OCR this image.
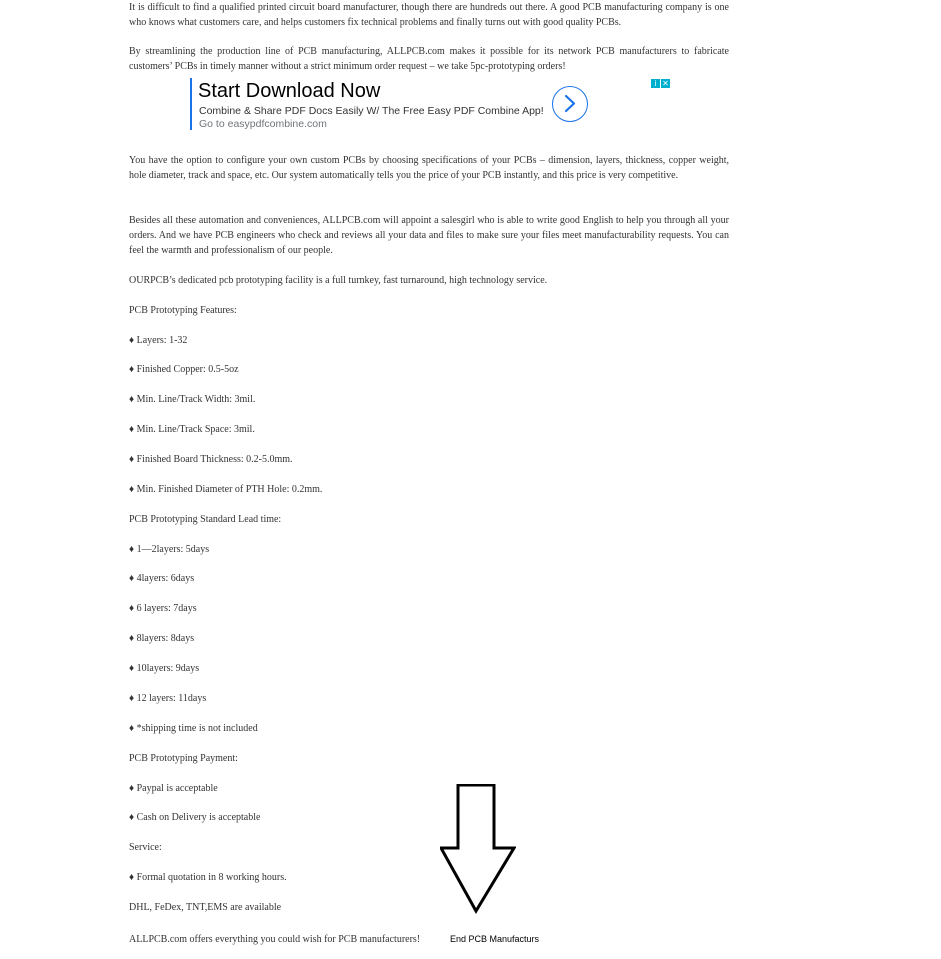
It is difficult to find a qualified printed circuit board manufacturer, though there are hundreds out there. A good PCB manufacturing company is one who knows what customers care, and helps customers fix technical problems and finally turns out with good quality PCBs.

By streamlining the production line of PCB manufacturing, ALLPCB.com makes it possible for its network PCB manufacturers to fabricate customers’ PCBs in timely manner without a strict minimum order request – we take 5pc-prototyping orders!

You have the option to configure your own custom PCBs by choosing specifications of your PCBs – dimension, layers, thickness, copper weight, hole diameter, track and space, etc. Our system automatically tells you the price of your PCB instantly, and this price is very competitive.

Besides all these automation and conveniences, ALLPCB.com will appoint a salesgirl who is able to write good English to help you through all your orders. And we have PCB engineers who check and reviews all your data and files to make sure your files meet manufacturability requests. You can feel the warmth and professionalism of our people.

OURPCB’s dedicated pcb prototyping facility is a full turnkey, fast turnaround, high technology service.

PCB Prototyping Features:

♦ Layers: 1-32

♦ Finished Copper: 0.5-5oz

♦ Min. Line/Track Width: 3mil.

♦ Min. Line/Track Space: 3mil.

♦ Finished Board Thickness: 0.2-5.0mm.

♦ Min. Finished Diameter of PTH Hole: 0.2mm.

PCB Prototyping Standard Lead time:

♦ 1—2layers: 5days

♦ 4layers: 6days

♦ 6 layers: 7days

♦ 8layers: 8days

♦ 10layers: 9days

♦ 12 layers: 11days

♦ *shipping time is not included

PCB Prototyping Payment:

♦ Paypal is acceptable

♦ Cash on Delivery is acceptable

Service:

♦ Formal quotation in 8 working hours.

DHL, FeDex, TNT,EMS are available

ALLPCB.com offers everything you could wish for PCB manufacturers!

Start Download Now
Combine & Share PDF Docs Easily W/ The Free Easy PDF Combine App!
Go to easypdfcombine.com
i ✕
End PCB Manufacturs
